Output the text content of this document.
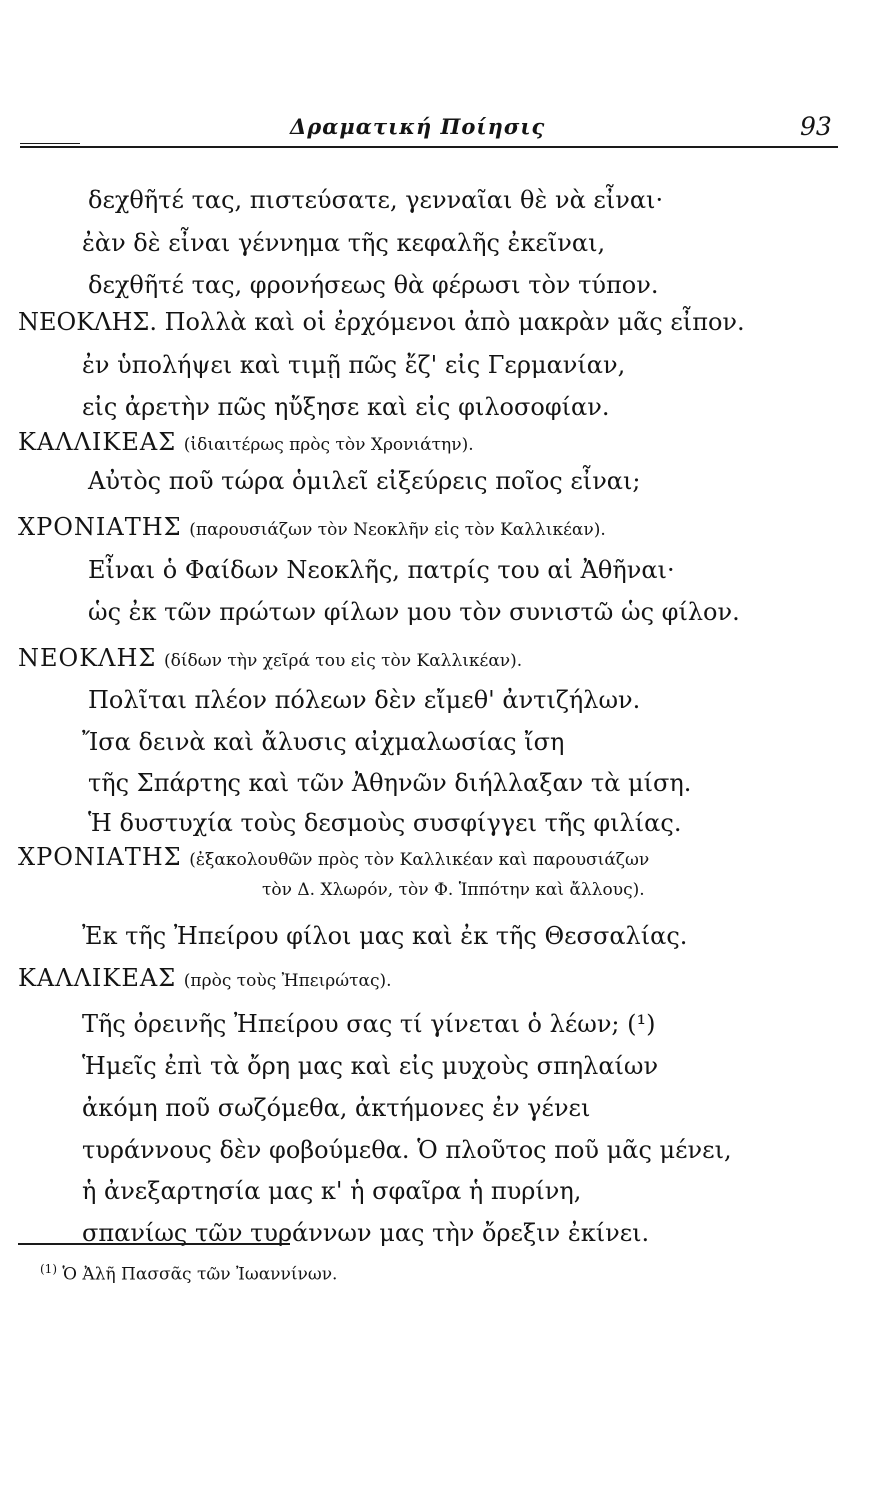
Δραματική Ποίησις	93
δεχθῆτέ τας, πιστεύσατε, γενναῖαι θὲ νὰ εἶναι·
ἐὰν δὲ εἶναι γέννημα τῆς κεφαλῆς ἐκεῖναι,
δεχθῆτέ τας, φρονήσεως θὰ φέρωσι τὸν τύπον.
ΝΕΟΚΛΗΣ. Πολλὰ καὶ οἱ ἐρχόμενοι ἀπὸ μακρὰν μᾶς εἶπον.
ἐν ὑπολήψει καὶ τιμῇ πῶς ἔζ' εἰς Γερμανίαν,
εἰς ἀρετὴν πῶς ηὔξησε καὶ εἰς φιλοσοφίαν.
ΚΑΛΛΙΚΕΑΣ (ἰδιαιτέρως πρὸς τὸν Χρονιάτην).
Αὐτὸς ποῦ τώρα ὁμιλεῖ εἰξεύρεις ποῖος εἶναι;
ΧΡΟΝΙΑΤΗΣ (παρουσιάζων τὸν Νεοκλῆν εἰς τὸν Καλλικέαν).
Εἶναι ὁ Φαίδων Νεοκλῆς, πατρίς του αἱ Ἀθῆναι·
ὡς ἐκ τῶν πρώτων φίλων μου τὸν συνιστῶ ὡς φίλον.
ΝΕΟΚΛΗΣ (δίδων τὴν χεῖρά του εἰς τὸν Καλλικέαν).
Πολῖται πλέον πόλεων δὲν εἴμεθ' ἀντιζήλων.
Ἴσα δεινὰ καὶ ἄλυσις αἰχμαλωσίας ἴση
τῆς Σπάρτης καὶ τῶν Ἀθηνῶν διήλλαξαν τὰ μίση.
Ἡ δυστυχία τοὺς δεσμοὺς συσφίγγει τῆς φιλίας.
ΧΡΟΝΙΑΤΗΣ (ἐξακολουθῶν πρὸς τὸν Καλλικέαν καὶ παρουσιάζων
τὸν Δ. Χλωρόν, τὸν Φ. Ἱππότην καὶ ἄλλους).
Ἐκ τῆς Ἠπείρου φίλοι μας καὶ ἐκ τῆς Θεσσαλίας.
ΚΑΛΛΙΚΕΑΣ (πρὸς τοὺς Ἠπειρώτας).
Τῆς ὀρεινῆς Ἠπείρου σας τί γίνεται ὁ λέων; (¹)
Ἡμεῖς ἐπὶ τὰ ὄρη μας καὶ εἰς μυχοὺς σπηλαίων
ἀκόμη ποῦ σωζόμεθα, ἀκτήμονες ἐν γένει
τυράννους δὲν φοβούμεθα. Ὁ πλοῦτος ποῦ μᾶς μένει,
ἡ ἀνεξαρτησία μας κ' ἡ σφαῖρα ἡ πυρίνη,
σπανίως τῶν τυράννων μας τὴν ὄρεξιν ἐκίνει.
$^{(1)}$ Ὁ Ἀλῆ Πασσᾶς τῶν Ἰωαννίνων.
